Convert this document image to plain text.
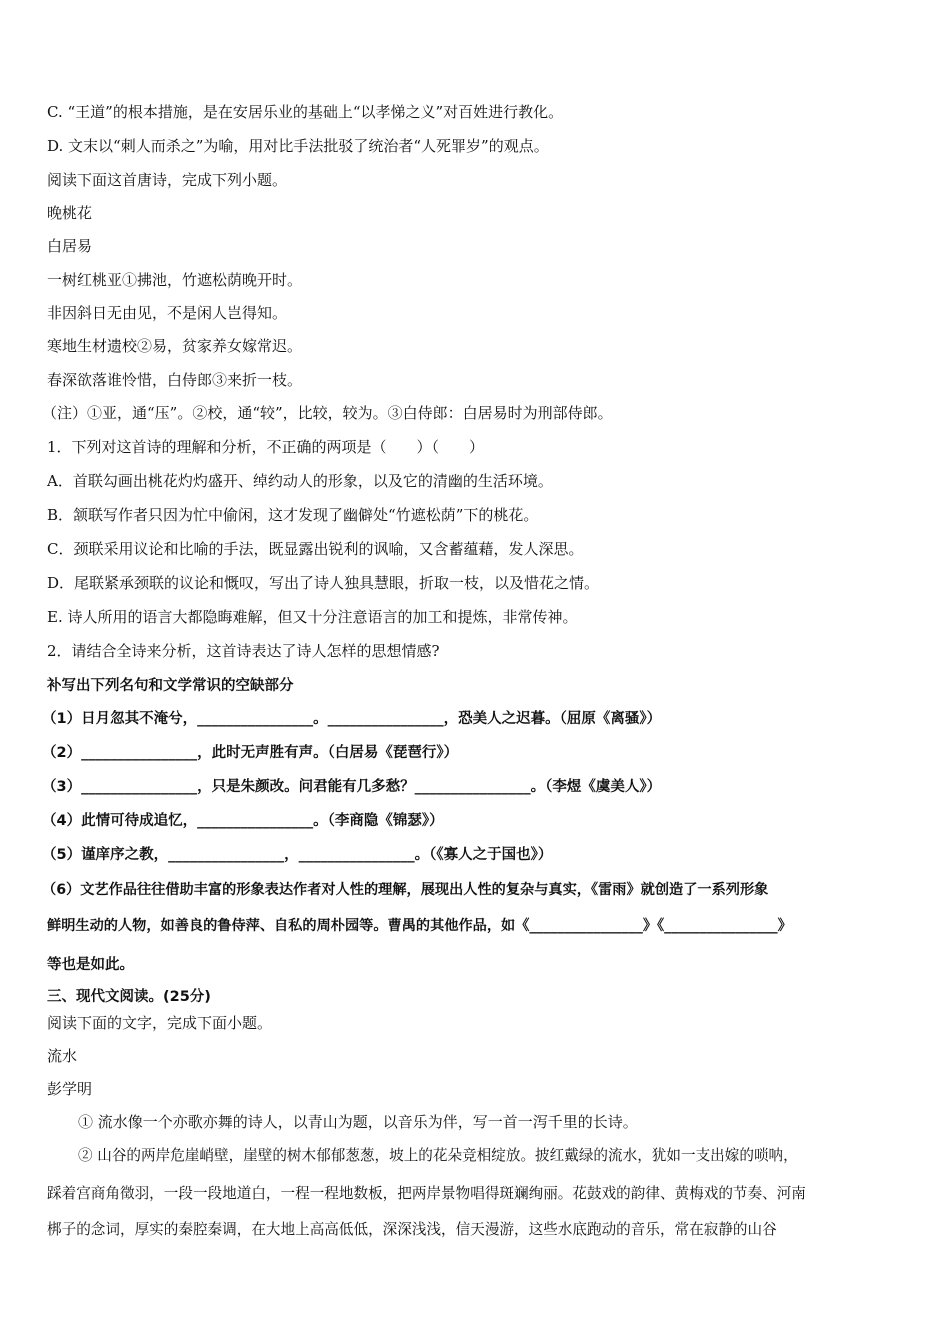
C. “王道”的根本措施，是在安居乐业的基础上“以孝悌之义”对百姓进行教化。
D. 文末以“刺人而杀之”为喻，用对比手法批驳了统治者“人死罪岁”的观点。
阅读下面这首唐诗，完成下列小题。
晚桃花
白居易
一树红桃亚①拂池，竹遮松荫晚开时。
非因斜日无由见，不是闲人岂得知。
寒地生材遗校②易，贫家养女嫁常迟。
春深欲落谁怜惜，白侍郎③来折一枝。
（注）①亚，通“压”。②校，通“较”，比较，较为。③白侍郎：白居易时为刑部侍郎。
1．下列对这首诗的理解和分析，不正确的两项是（　　）（　　）
A．首联勾画出桃花灼灼盛开、绰约动人的形象，以及它的清幽的生活环境。
B．颔联写作者只因为忙中偷闲，这才发现了幽僻处“竹遮松荫”下的桃花。
C．颈联采用议论和比喻的手法，既显露出锐利的讽喻，又含蓄蕴藉，发人深思。
D．尾联紧承颈联的议论和慨叹，写出了诗人独具慧眼，折取一枝，以及惜花之情。
E. 诗人所用的语言大都隐晦难解，但又十分注意语言的加工和提炼，非常传神。
2．请结合全诗来分析，这首诗表达了诗人怎样的思想情感?
补写出下列名句和文学常识的空缺部分
（1）日月忽其不淹兮，________________。________________，恐美人之迟暮。（屈原《离骚》）
（2）________________，此时无声胜有声。（白居易《琵琶行》）
（3）________________，只是朱颜改。问君能有几多愁？________________。（李煜《虞美人》）
（4）此情可待成追忆，________________。（李商隐《锦瑟》）
（5）谨庠序之教，________________，________________。（《寡人之于国也》）
（6）文艺作品往往借助丰富的形象表达作者对人性的理解，展现出人性的复杂与真实，《雷雨》就创造了一系列形象
鲜明生动的人物，如善良的鲁侍萍、自私的周朴园等。曹禺的其他作品，如《________________》《________________》
等也是如此。
三、现代文阅读。(25分)
阅读下面的文字，完成下面小题。
流水
彭学明
① 流水像一个亦歌亦舞的诗人，以青山为题，以音乐为伴，写一首一泻千里的长诗。
② 山谷的两岸危崖峭壁，崖壁的树木郁郁葱葱，坡上的花朵竞相绽放。披红戴绿的流水，犹如一支出嫁的唢呐，
踩着宫商角徵羽，一段一段地道白，一程一程地数板，把两岸景物唱得斑斓绚丽。花鼓戏的韵律、黄梅戏的节奏、河南
梆子的念词，厚实的秦腔秦调，在大地上高高低低，深深浅浅，信天漫游，这些水底跑动的音乐，常在寂静的山谷
